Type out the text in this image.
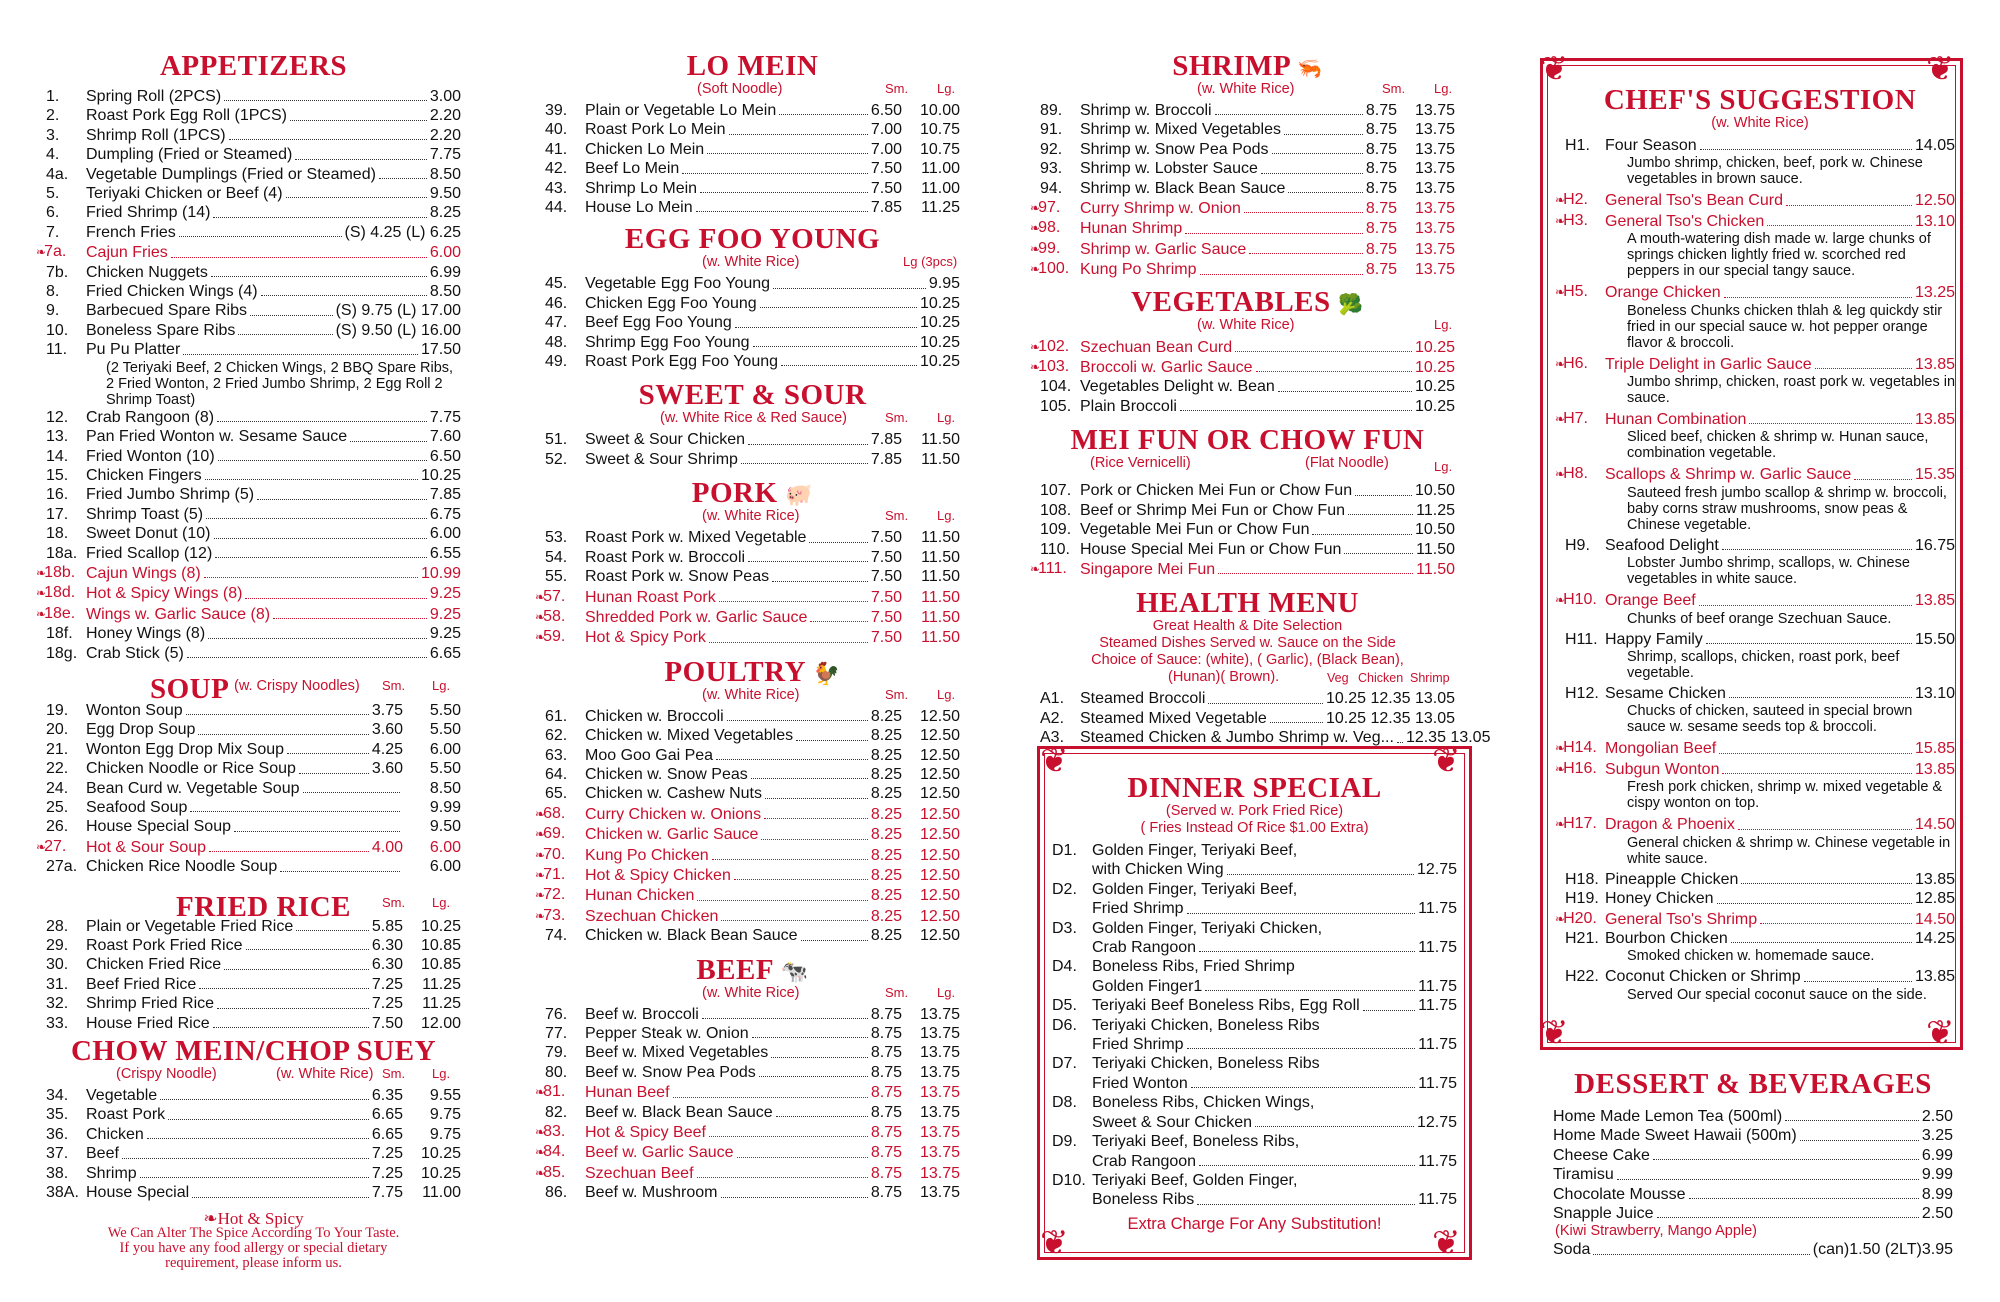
APPETIZERS
1.	Spring Roll (2PCS)	3.00
2.	Roast Pork Egg Roll (1PCS)	2.20
3.	Shrimp Roll (1PCS)	2.20
4.	Dumpling (Fried or Steamed)	7.75
4a.	Vegetable Dumplings (Fried or Steamed)	8.50
5.	Teriyaki Chicken or Beef (4)	9.50
6.	Fried Shrimp (14)	8.25
7.	French Fries	(S) 4.25 (L) 6.25
❧7a.	Cajun Fries	6.00
7b.	Chicken Nuggets	6.99
8.	Fried Chicken Wings (4)	8.50
9.	Barbecued Spare Ribs	(S) 9.75 (L) 17.00
10.	Boneless Spare Ribs	(S) 9.50 (L) 16.00
11.	Pu Pu Platter	17.50
(2 Teriyaki Beef, 2 Chicken Wings, 2 BBQ Spare Ribs, 2 Fried Wonton, 2 Fried Jumbo Shrimp, 2 Egg Roll 2 Shrimp Toast)
12.	Crab Rangoon (8)	7.75
13.	Pan Fried Wonton w. Sesame Sauce	7.60
14.	Fried Wonton (10)	6.50
15.	Chicken Fingers	10.25
16.	Fried Jumbo Shrimp (5)	7.85
17.	Shrimp Toast (5)	6.75
18.	Sweet Donut (10)	6.00
18a. Fried Scallop (12)	6.55
❧18b. Cajun Wings (8)	10.99
❧18d. Hot & Spicy Wings (8)	9.25
❧18e. Wings w. Garlic Sauce (8)	9.25
18f. Honey Wings (8)	9.25
18g. Crab Stick (5)	6.65
SOUP (w. Crispy Noodles) Sm. Lg.
19.	Wonton Soup	3.75	5.50
20.	Egg Drop Soup	3.60	5.50
21.	Wonton Egg Drop Mix Soup	4.25	6.00
22.	Chicken Noodle or Rice Soup	3.60	5.50
24.	Bean Curd w. Vegetable Soup	8.50
25.	Seafood Soup	9.99
26.	House Special Soup	9.50
❧27.	Hot & Sour Soup	4.00	6.00
27a. Chicken Rice Noodle Soup	6.00
FRIED RICE Sm. Lg.
28.	Plain or Vegetable Fried Rice	5.85	10.25
29.	Roast Pork Fried Rice	6.30	10.85
30.	Chicken Fried Rice	6.30	10.85
31.	Beef Fried Rice	7.25	11.25
32.	Shrimp Fried Rice	7.25	11.25
33.	House Fried Rice	7.50	12.00
CHOW MEIN/CHOP SUEY
(Crispy Noodle)	(w. White Rice) Sm. Lg.
34.	Vegetable	6.35	9.55
35.	Roast Pork	6.65	9.75
36.	Chicken	6.65	9.75
37.	Beef	7.25	10.25
38.	Shrimp	7.25	10.25
38A. House Special	7.75	11.00
❧Hot & Spicy
We Can Alter The Spice According To Your Taste.
If you have any food allergy or special dietary
requirement, please inform us.
LO MEIN
(Soft Noodle)	Sm. Lg.
39.	Plain or Vegetable Lo Mein	6.50	10.00
40.	Roast Pork Lo Mein	7.00	10.75
41.	Chicken Lo Mein	7.00	10.75
42.	Beef Lo Mein	7.50	11.00
43.	Shrimp Lo Mein	7.50	11.00
44.	House Lo Mein	7.85	11.25
EGG FOO YOUNG
(w. White Rice)	Lg (3pcs)
45.	Vegetable Egg Foo Young	9.95
46.	Chicken Egg Foo Young	10.25
47.	Beef Egg Foo Young	10.25
48.	Shrimp Egg Foo Young	10.25
49.	Roast Pork Egg Foo Young	10.25
SWEET & SOUR
(w. White Rice & Red Sauce)	Sm. Lg.
51.	Sweet & Sour Chicken	7.85	11.50
52.	Sweet & Sour Shrimp	7.85	11.50
PORK 🐖
(w. White Rice)	Sm. Lg.
53.	Roast Pork w. Mixed Vegetable	7.50	11.50
54.	Roast Pork w. Broccoli	7.50	11.50
55.	Roast Pork w. Snow Peas	7.50	11.50
❧57.	Hunan Roast Pork	7.50	11.50
❧58.	Shredded Pork w. Garlic Sauce	7.50	11.50
❧59.	Hot & Spicy Pork	7.50	11.50
POULTRY 🐓
(w. White Rice)	Sm. Lg.
61.	Chicken w. Broccoli	8.25	12.50
62.	Chicken w. Mixed Vegetables	8.25	12.50
63.	Moo Goo Gai Pea	8.25	12.50
64.	Chicken w. Snow Peas	8.25	12.50
65.	Chicken w. Cashew Nuts	8.25	12.50
❧68.	Curry Chicken w. Onions	8.25	12.50
❧69.	Chicken w. Garlic Sauce	8.25	12.50
❧70.	Kung Po Chicken	8.25	12.50
❧71.	Hot & Spicy Chicken	8.25	12.50
❧72.	Hunan Chicken	8.25	12.50
❧73.	Szechuan Chicken	8.25	12.50
74.	Chicken w. Black Bean Sauce	8.25	12.50
BEEF 🐄
(w. White Rice)	Sm. Lg.
76.	Beef w. Broccoli	8.75	13.75
77.	Pepper Steak w. Onion	8.75	13.75
79.	Beef w. Mixed Vegetables	8.75	13.75
80.	Beef w. Snow Pea Pods	8.75	13.75
❧81.	Hunan Beef	8.75	13.75
82.	Beef w. Black Bean Sauce	8.75	13.75
❧83.	Hot & Spicy Beef	8.75	13.75
❧84.	Beef w. Garlic Sauce	8.75	13.75
❧85.	Szechuan Beef	8.75	13.75
86.	Beef w. Mushroom	8.75	13.75
SHRIMP 🦐
(w. White Rice)	Sm. Lg.
89.	Shrimp w. Broccoli	8.75	13.75
91.	Shrimp w. Mixed Vegetables	8.75	13.75
92.	Shrimp w. Snow Pea Pods	8.75	13.75
93.	Shrimp w. Lobster Sauce	8.75	13.75
94.	Shrimp w. Black Bean Sauce	8.75	13.75
❧97.	Curry Shrimp w. Onion	8.75	13.75
❧98.	Hunan Shrimp	8.75	13.75
❧99.	Shrimp w. Garlic Sauce	8.75	13.75
❧100. Kung Po Shrimp	8.75	13.75
VEGETABLES 🥦
(w. White Rice)	Lg.
❧102. Szechuan Bean Curd	10.25
❧103. Broccoli w. Garlic Sauce	10.25
104. Vegetables Delight w. Bean	10.25
105. Plain Broccoli	10.25
MEI FUN OR CHOW FUN
(Rice Vernicelli)	(Flat Noodle)	Lg.
107. Pork or Chicken Mei Fun or Chow Fun	10.50
108. Beef or Shrimp Mei Fun or Chow Fun	11.25
109. Vegetable Mei Fun or Chow Fun	10.50
110. House Special Mei Fun or Chow Fun	11.50
❧111. Singapore Mei Fun	11.50
HEALTH MENU
Great Health & Dite Selection
Steamed Dishes Served w. Sauce on the Side
Choice of Sauce: (white), ( Garlic), (Black Bean),
(Hunan)( Brown).	Veg Chicken Shrimp
A1. Steamed Broccoli	10.25 12.35 13.05
A2. Steamed Mixed Vegetable	10.25 12.35 13.05
A3. Steamed Chicken & Jumbo Shrimp w. Veg... 12.35 13.05
❦	❦
❦	❦
DINNER SPECIAL
(Served w. Pork Fried Rice)
( Fries Instead Of Rice $1.00 Extra)
D1. Golden Finger, Teriyaki Beef,
with Chicken Wing	12.75
D2. Golden Finger, Teriyaki Beef,
Fried Shrimp	11.75
D3. Golden Finger, Teriyaki Chicken,
Crab Rangoon	11.75
D4. Boneless Ribs, Fried Shrimp
Golden Finger1	11.75
D5. Teriyaki Beef Boneless Ribs, Egg Roll	11.75
D6. Teriyaki Chicken, Boneless Ribs
Fried Shrimp	11.75
D7. Teriyaki Chicken, Boneless Ribs
Fried Wonton	11.75
D8. Boneless Ribs, Chicken Wings,
Sweet & Sour Chicken	12.75
D9. Teriyaki Beef, Boneless Ribs,
Crab Rangoon	11.75
D10. Teriyaki Beef, Golden Finger,
Boneless Ribs	11.75
Extra Charge For Any Substitution!
❦	❦
❦	❦
CHEF'S SUGGESTION
(w. White Rice)
H1. Four Season	14.05
Jumbo shrimp, chicken, beef, pork w. Chinese vegetables in brown sauce.
❧H2.	General Tso's Bean Curd	12.50
❧H3.	General Tso's Chicken	13.10
A mouth-watering dish made w. large chunks of springs chicken lightly fried w. scorched red peppers in our special tangy sauce.
❧H5.	Orange Chicken	13.25
Boneless Chunks chicken thlah & leg quickdy stir fried in our special sauce w. hot pepper orange flavor & broccoli.
❧H6.	Triple Delight in Garlic Sauce	13.85
Jumbo shrimp, chicken, roast pork w. vegetables in sauce.
❧H7.	Hunan Combination	13.85
Sliced beef, chicken & shrimp w. Hunan sauce, combination vegetable.
❧H8.	Scallops & Shrimp w. Garlic Sauce	15.35
Sauteed fresh jumbo scallop & shrimp w. broccoli, baby corns straw mushrooms, snow peas & Chinese vegetable.
H9. Seafood Delight	16.75
Lobster Jumbo shrimp, scallops, w. Chinese vegetables in white sauce.
❧H10. Orange Beef	13.85
Chunks of beef orange Szechuan Sauce.
H11. Happy Family	15.50
Shrimp, scallops, chicken, roast pork, beef vegetable.
H12. Sesame Chicken	13.10
Chucks of chicken, sauteed in special brown sauce w. sesame seeds top & broccoli.
❧H14. Mongolian Beef	15.85
❧H16. Subgun Wonton	13.85
Fresh pork chicken, shrimp w. mixed vegetable & cispy wonton on top.
❧H17. Dragon & Phoenix	14.50
General chicken & shrimp w. Chinese vegetable in white sauce.
H18. Pineapple Chicken	13.85
H19. Honey Chicken	12.85
❧H20. General Tso's Shrimp	14.50
H21. Bourbon Chicken	14.25
Smoked chicken w. homemade sauce.
H22. Coconut Chicken or Shrimp	13.85
Served Our special coconut sauce on the side.
DESSERT & BEVERAGES
Home Made Lemon Tea (500ml)	2.50
Home Made Sweet Hawaii (500m)	3.25
Cheese Cake	6.99
Tiramisu	9.99
Chocolate Mousse	8.99
Snapple Juice	2.50
(Kiwi Strawberry, Mango Apple)
Soda	(can)1.50 (2LT)3.95
